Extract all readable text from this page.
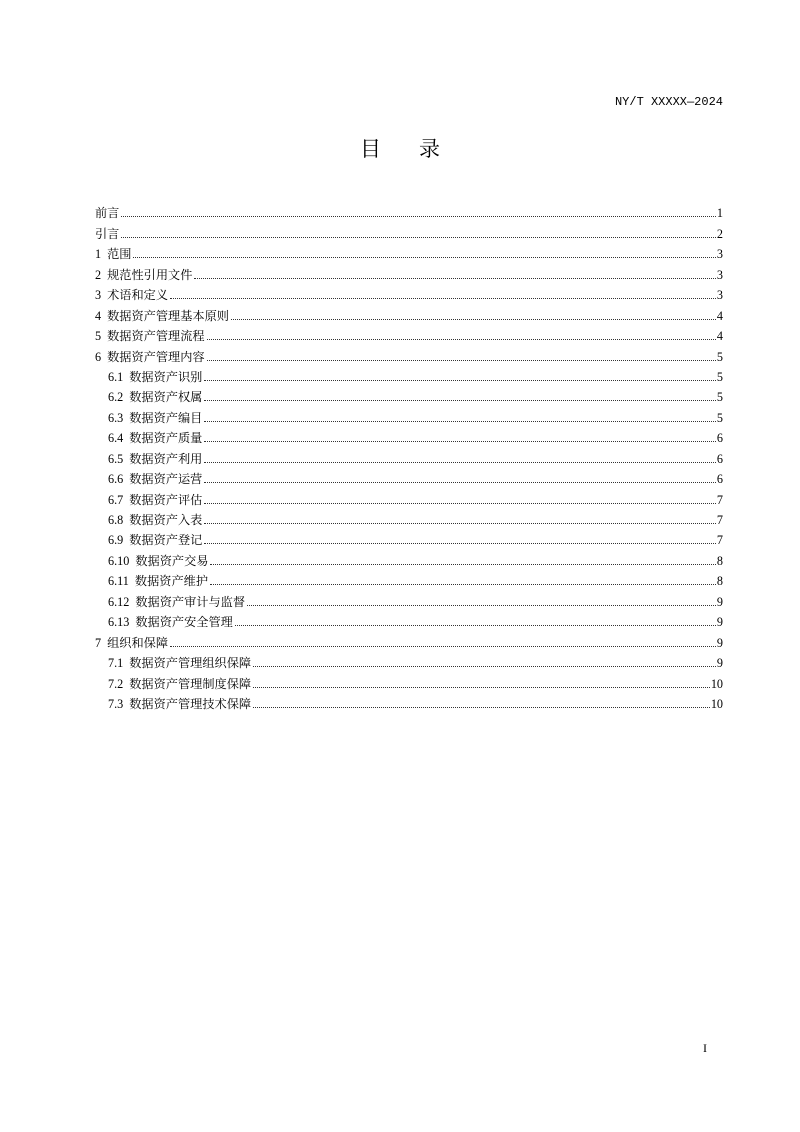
NY/T XXXXX—2024
目 录
前言	1
引言	2
1 范围	3
2 规范性引用文件	3
3 术语和定义	3
4 数据资产管理基本原则	4
5 数据资产管理流程	4
6 数据资产管理内容	5
6.1 数据资产识别	5
6.2 数据资产权属	5
6.3 数据资产编目	5
6.4 数据资产质量	6
6.5 数据资产利用	6
6.6 数据资产运营	6
6.7 数据资产评估	7
6.8 数据资产入表	7
6.9 数据资产登记	7
6.10 数据资产交易	8
6.11 数据资产维护	8
6.12 数据资产审计与监督	9
6.13 数据资产安全管理	9
7 组织和保障	9
7.1 数据资产管理组织保障	9
7.2 数据资产管理制度保障	10
7.3 数据资产管理技术保障	10
I
